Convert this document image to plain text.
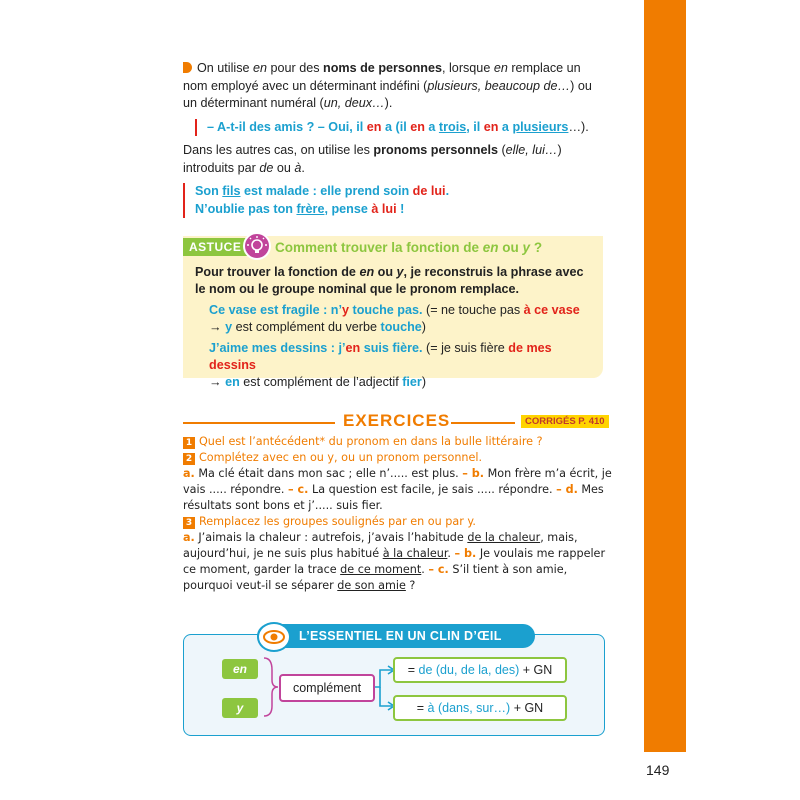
On utilise en pour des noms de personnes, lorsque en remplace un nom employé avec un déterminant indéfini (plusieurs, beaucoup de…) ou un déterminant numéral (un, deux…).

– A-t-il des amis ? – Oui, il en a (il en a trois, il en a plusieurs…).

Dans les autres cas, on utilise les pronoms personnels (elle, lui…) introduits par de ou à.

Son fils est malade : elle prend soin de lui.
N’oublie pas ton frère, pense à lui !
ASTUCE	Comment trouver la fonction de en ou y ?

Pour trouver la fonction de en ou y, je reconstruis la phrase avec le nom ou le groupe nominal que le pronom remplace.

Ce vase est fragile : n’y touche pas. (= ne touche pas à ce vase
→ y est complément du verbe touche)
J’aime mes dessins : j’en suis fière. (= je suis fière de mes dessins
→ en est complément de l’adjectif fier)
EXERCICES	CORRIGÉS P. 410

1 Quel est l’antécédent* du pronom en dans la bulle littéraire ?

2 Complétez avec en ou y, ou un pronom personnel.

a. Ma clé était dans mon sac ; elle n’..... est plus. – b. Mon frère m’a écrit, je vais ..... répondre. – c. La question est facile, je sais ..... répondre. – d. Mes résultats sont bons et j’..... suis fier.

3 Remplacez les groupes soulignés par en ou par y.

a. J’aimais la chaleur : autrefois, j’avais l’habitude de la chaleur, mais, aujourd’hui, je ne suis plus habitué à la chaleur. – b. Je voulais me rappeler ce moment, garder la trace de ce moment. – c. S’il tient à son amie, pourquoi veut-il se séparer de son amie ?

L’ESSENTIEL EN UN CLIN D’ŒIL
en
y
complément
= de (du, de la, des) + GN
= à (dans, sur…) + GN
149
